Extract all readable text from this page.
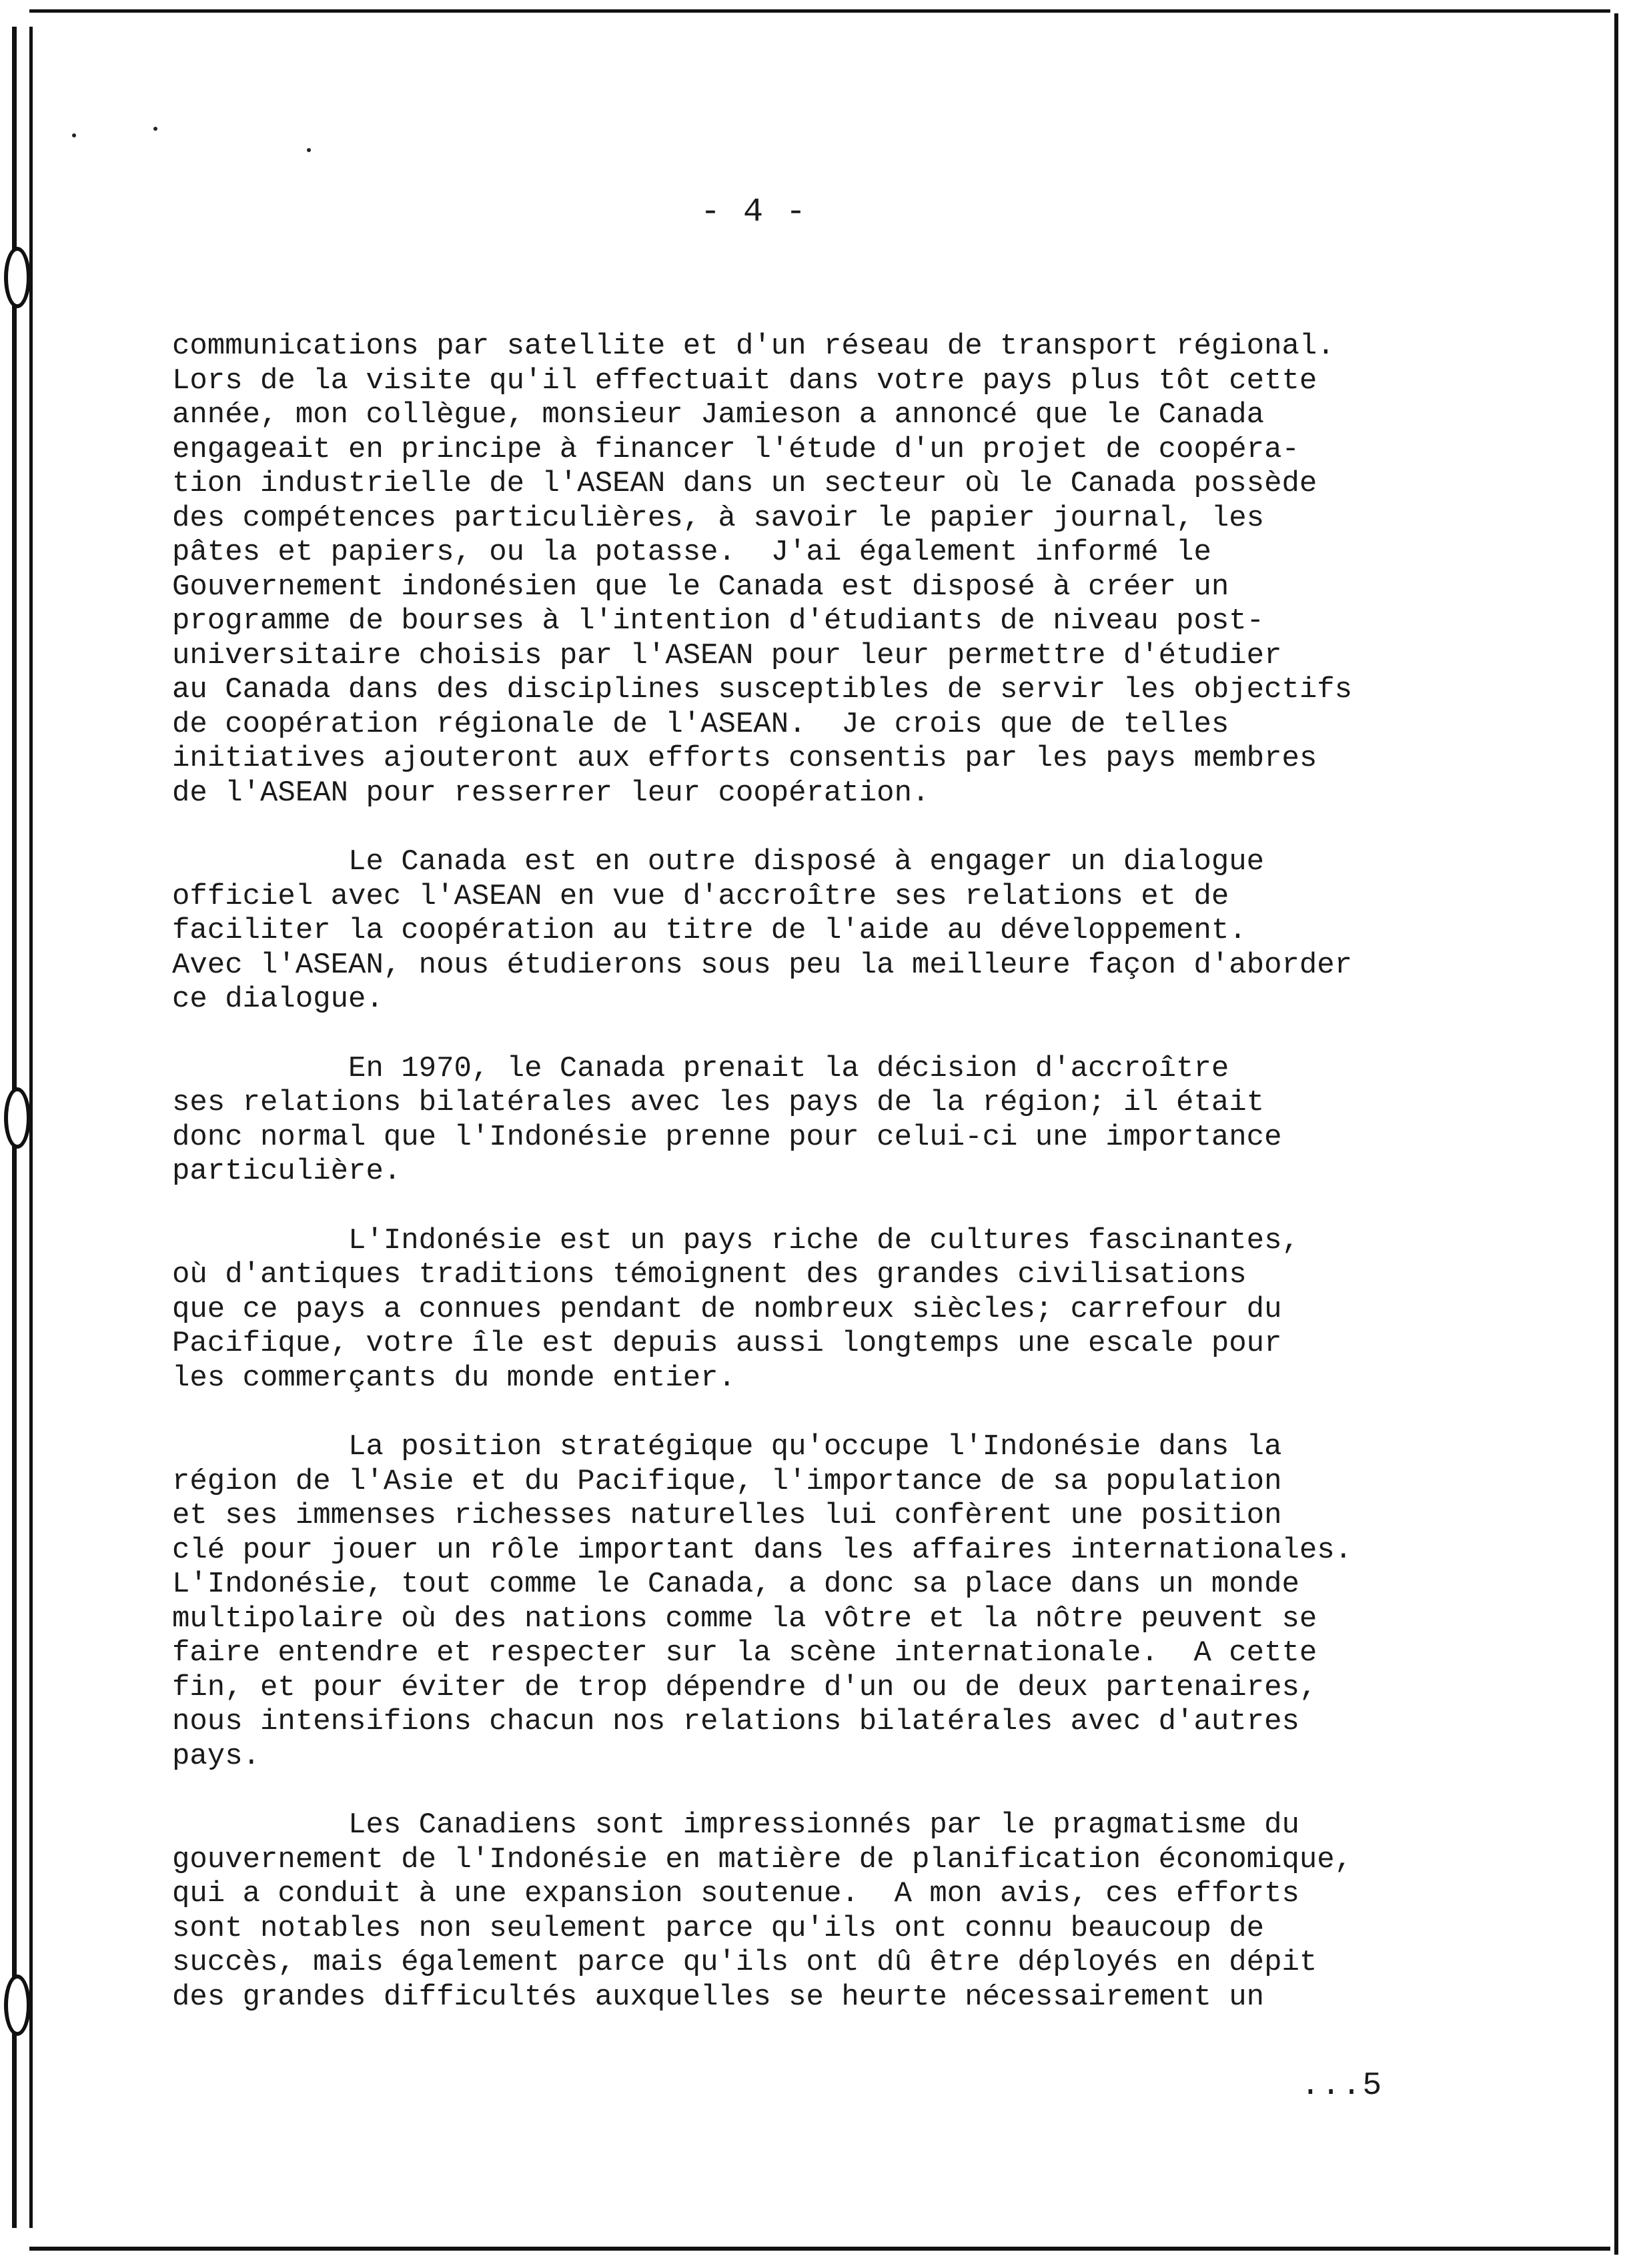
- 4 -
communications par satellite et d'un réseau de transport régional.
Lors de la visite qu'il effectuait dans votre pays plus tôt cette
année, mon collègue, monsieur Jamieson a annoncé que le Canada
engageait en principe à financer l'étude d'un projet de coopéra-
tion industrielle de l'ASEAN dans un secteur où le Canada possède
des compétences particulières, à savoir le papier journal, les
pâtes et papiers, ou la potasse.  J'ai également informé le
Gouvernement indonésien que le Canada est disposé à créer un
programme de bourses à l'intention d'étudiants de niveau post-
universitaire choisis par l'ASEAN pour leur permettre d'étudier
au Canada dans des disciplines susceptibles de servir les objectifs
de coopération régionale de l'ASEAN.  Je crois que de telles
initiatives ajouteront aux efforts consentis par les pays membres
de l'ASEAN pour resserrer leur coopération.
Le Canada est en outre disposé à engager un dialogue
officiel avec l'ASEAN en vue d'accroître ses relations et de
faciliter la coopération au titre de l'aide au développement.
Avec l'ASEAN, nous étudierons sous peu la meilleure façon d'aborder
ce dialogue.
En 1970, le Canada prenait la décision d'accroître
ses relations bilatérales avec les pays de la région; il était
donc normal que l'Indonésie prenne pour celui-ci une importance
particulière.
L'Indonésie est un pays riche de cultures fascinantes,
où d'antiques traditions témoignent des grandes civilisations
que ce pays a connues pendant de nombreux siècles; carrefour du
Pacifique, votre île est depuis aussi longtemps une escale pour
les commerçants du monde entier.
La position stratégique qu'occupe l'Indonésie dans la
région de l'Asie et du Pacifique, l'importance de sa population
et ses immenses richesses naturelles lui confèrent une position
clé pour jouer un rôle important dans les affaires internationales.
L'Indonésie, tout comme le Canada, a donc sa place dans un monde
multipolaire où des nations comme la vôtre et la nôtre peuvent se
faire entendre et respecter sur la scène internationale.  A cette
fin, et pour éviter de trop dépendre d'un ou de deux partenaires,
nous intensifions chacun nos relations bilatérales avec d'autres
pays.
Les Canadiens sont impressionnés par le pragmatisme du
gouvernement de l'Indonésie en matière de planification économique,
qui a conduit à une expansion soutenue.  A mon avis, ces efforts
sont notables non seulement parce qu'ils ont connu beaucoup de
succès, mais également parce qu'ils ont dû être déployés en dépit
des grandes difficultés auxquelles se heurte nécessairement un
...5
